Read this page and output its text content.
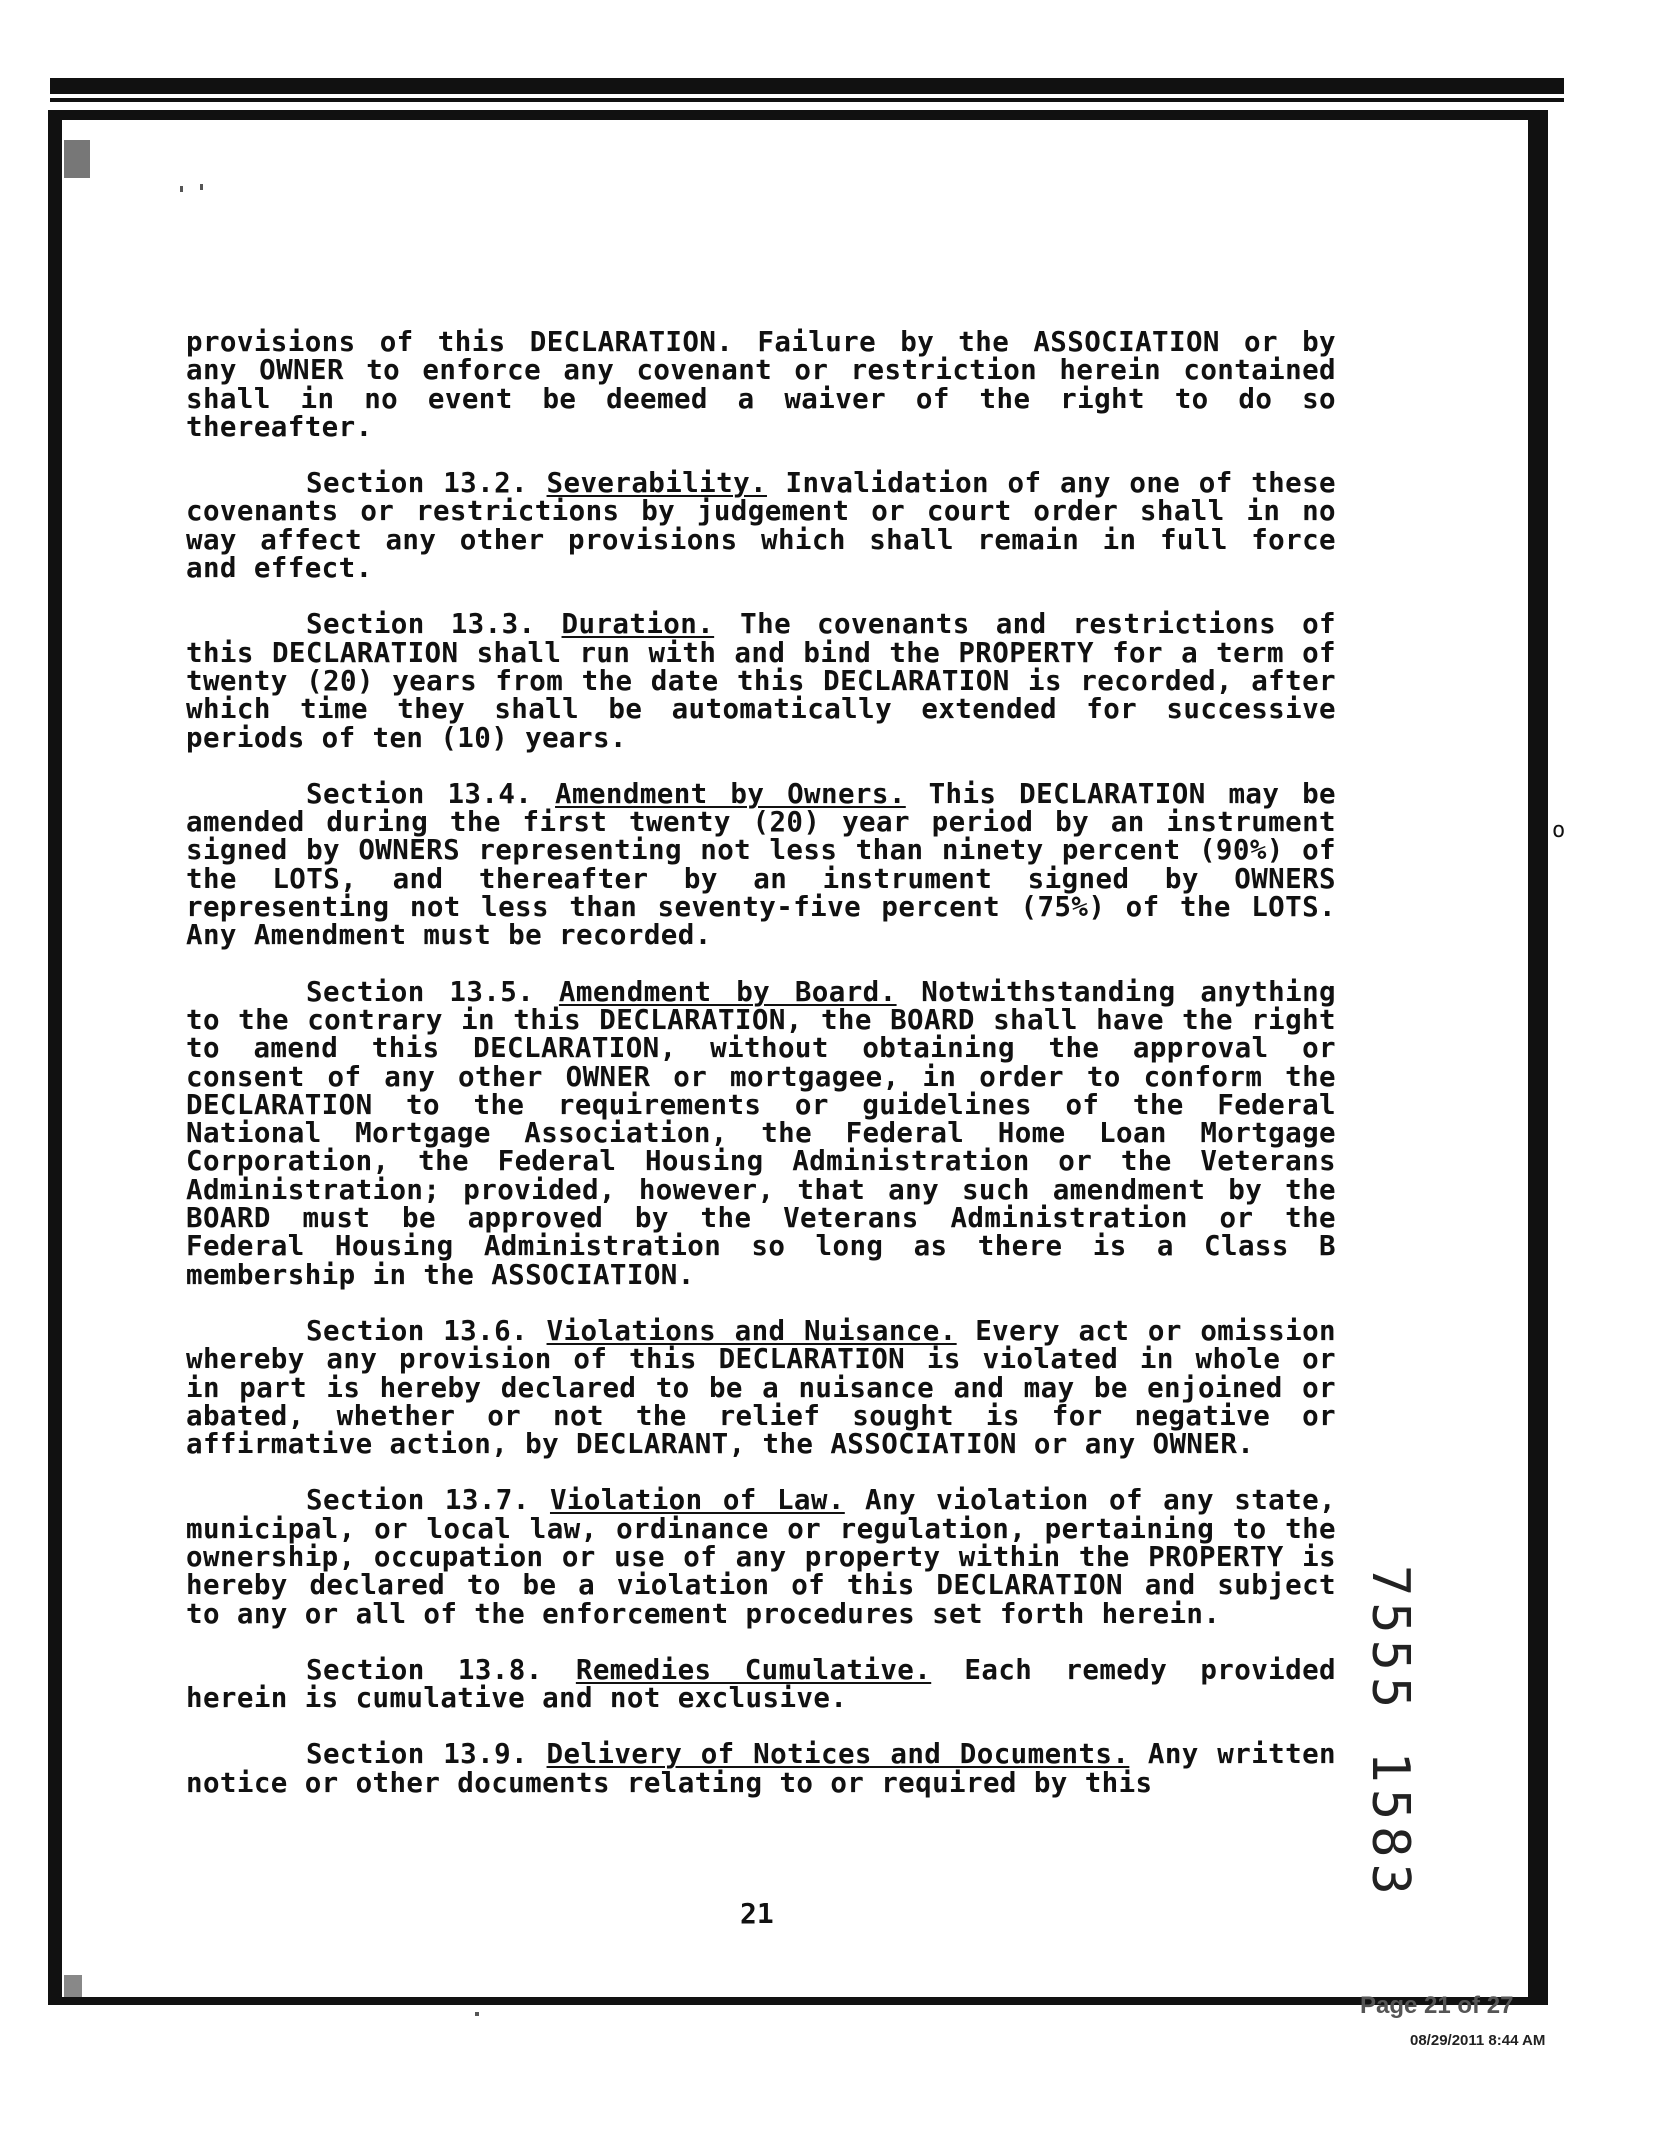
o

provisions of this DECLARATION. Failure by the ASSOCIATION or by any OWNER to enforce any covenant or restriction herein contained shall in no event be deemed a waiver of the right to do so thereafter.

Section 13.2. Severability. Invalidation of any one of these covenants or restrictions by judgement or court order shall in no way affect any other provisions which shall remain in full force and effect.

Section 13.3. Duration. The covenants and restrictions of this DECLARATION shall run with and bind the PROPERTY for a term of twenty (20) years from the date this DECLARATION is recorded, after which time they shall be automatically extended for successive periods of ten (10) years.

Section 13.4. Amendment by Owners. This DECLARATION may be amended during the first twenty (20) year period by an instrument signed by OWNERS representing not less than ninety percent (90%) of the LOTS, and thereafter by an instrument signed by OWNERS representing not less than seventy-five percent (75%) of the LOTS. Any Amendment must be recorded.

Section 13.5. Amendment by Board. Notwithstanding anything to the contrary in this DECLARATION, the BOARD shall have the right to amend this DECLARATION, without obtaining the approval or consent of any other OWNER or mortgagee, in order to conform the DECLARATION to the requirements or guidelines of the Federal National Mortgage Association, the Federal Home Loan Mortgage Corporation, the Federal Housing Administration or the Veterans Administration; provided, however, that any such amendment by the BOARD must be approved by the Veterans Administration or the Federal Housing Administration so long as there is a Class B membership in the ASSOCIATION.

Section 13.6. Violations and Nuisance. Every act or omission whereby any provision of this DECLARATION is violated in whole or in part is hereby declared to be a nuisance and may be enjoined or abated, whether or not the relief sought is for negative or affirmative action, by DECLARANT, the ASSOCIATION or any OWNER.

Section 13.7. Violation of Law. Any violation of any state, municipal, or local law, ordinance or regulation, pertaining to the ownership, occupation or use of any property within the PROPERTY is hereby declared to be a violation of this DECLARATION and subject to any or all of the enforcement procedures set forth herein.

Section 13.8. Remedies Cumulative. Each remedy provided herein is cumulative and not exclusive.

Section 13.9. Delivery of Notices and Documents. Any written notice or other documents relating to or required by this

21
7555 1583
Page 21 of 27
08/29/2011 8:44 AM
